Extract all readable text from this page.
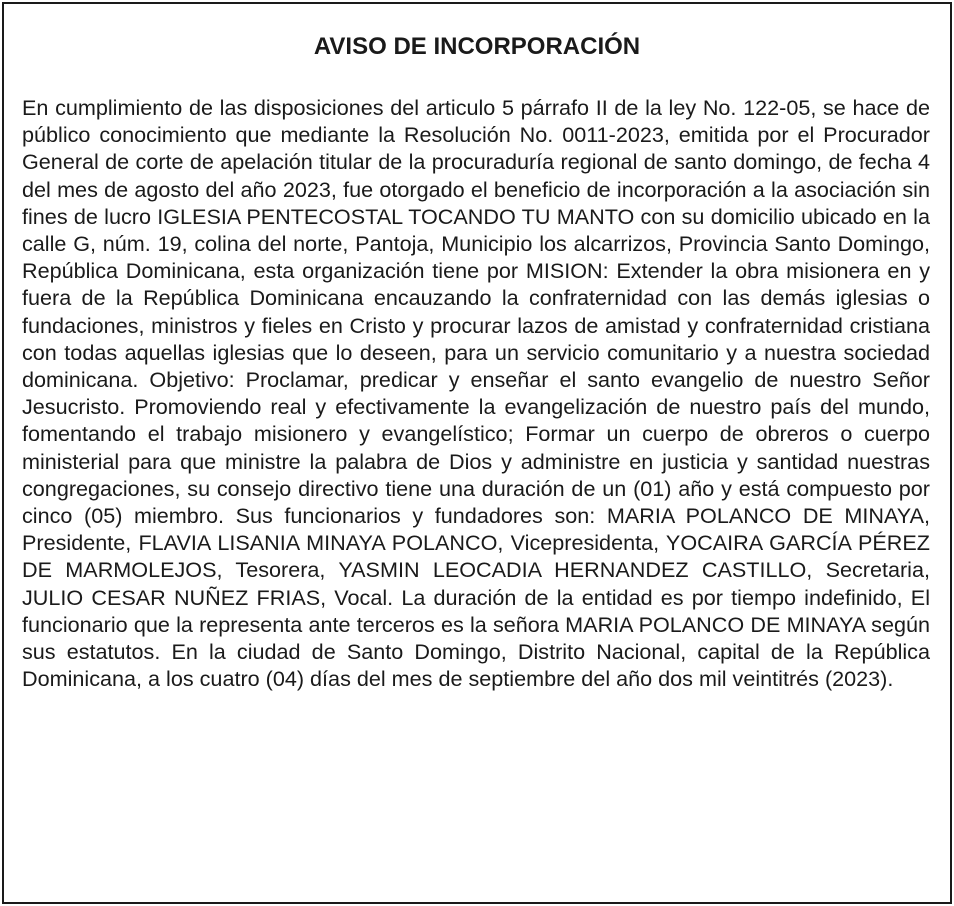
AVISO DE INCORPORACIÓN

En cumplimiento de las disposiciones del articulo 5 párrafo II de la ley No. 122-05, se hace de público conocimiento que mediante la Resolución No. 0011-2023, emitida por el Procurador General de corte de apelación titular de la procuraduría regional de santo domingo, de fecha 4 del mes de agosto del año 2023, fue otorgado el beneficio de incorporación a la asociación sin fines de lucro IGLESIA PENTECOSTAL TOCANDO TU MANTO con su domicilio ubicado en la calle G, núm. 19, colina del norte, Pantoja, Municipio los alcarrizos, Provincia Santo Domingo, República Dominicana, esta organización tiene por MISION: Extender la obra misionera en y fuera de la República Dominicana encauzando la confraternidad con las demás iglesias o fundaciones, ministros y fieles en Cristo y procurar lazos de amistad y confraternidad cristiana con todas aquellas iglesias que lo deseen, para un servicio comunitario y a nuestra sociedad dominicana. Objetivo: Proclamar, predicar y enseñar el santo evangelio de nuestro Señor Jesucristo. Promoviendo real y efectivamente la evangelización de nuestro país del mundo, fomentando el trabajo misionero y evangelístico; Formar un cuerpo de obreros o cuerpo ministerial para que ministre la palabra de Dios y administre en justicia y santidad nuestras congregaciones, su consejo directivo tiene una duración de un (01) año y está compuesto por cinco (05) miembro. Sus funcionarios y fundadores son: MARIA POLANCO DE MINAYA, Presidente, FLAVIA LISANIA MINAYA POLANCO, Vicepresidenta, YOCAIRA GARCÍA PÉREZ DE MARMOLEJOS, Tesorera, YASMIN LEOCADIA HERNANDEZ CASTILLO, Secretaria, JULIO CESAR NUÑEZ FRIAS, Vocal. La duración de la entidad es por tiempo indefinido, El funcionario que la representa ante terceros es la señora MARIA POLANCO DE MINAYA según sus estatutos. En la ciudad de Santo Domingo, Distrito Nacional, capital de la República Dominicana, a los cuatro (04) días del mes de septiembre del año dos mil veintitrés (2023).
